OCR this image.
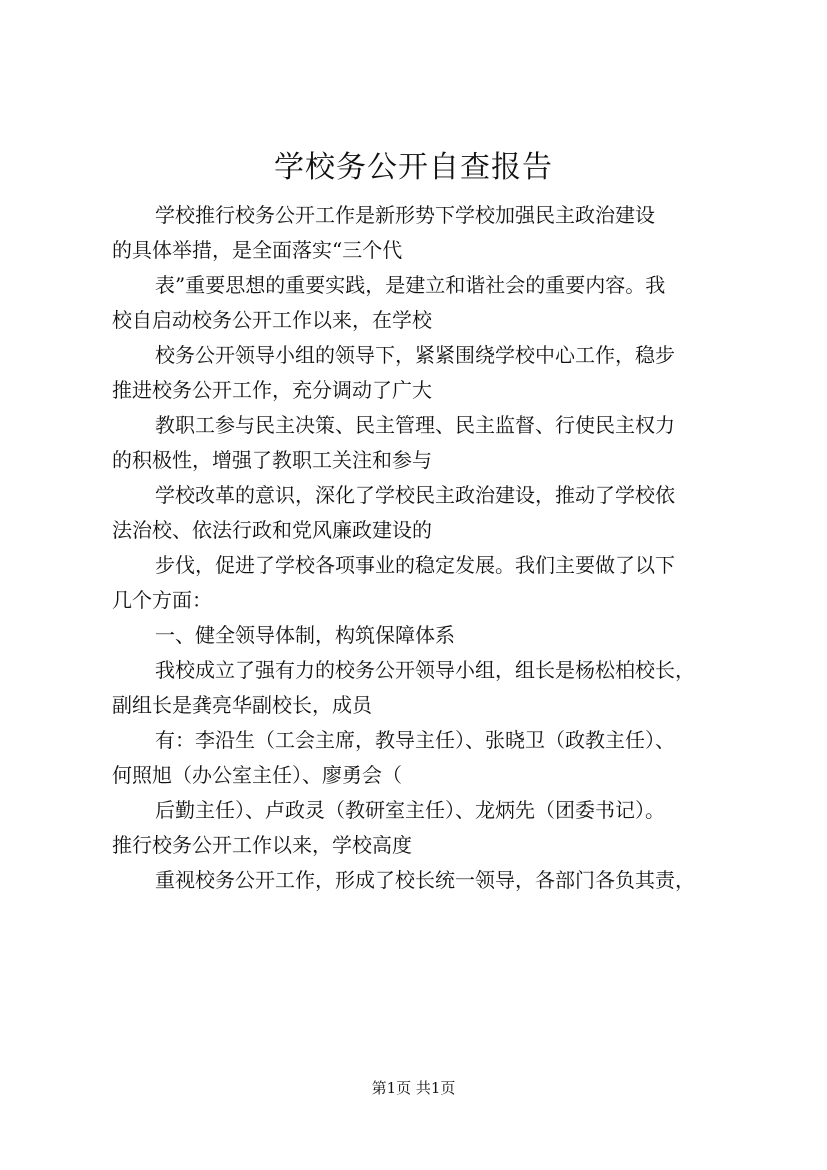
学校务公开自查报告
学校推行校务公开工作是新形势下学校加强民主政治建设
的具体举措，是全面落实“三个代
表”重要思想的重要实践，是建立和谐社会的重要内容。我
校自启动校务公开工作以来，在学校
校务公开领导小组的领导下，紧紧围绕学校中心工作，稳步
推进校务公开工作，充分调动了广大
教职工参与民主决策、民主管理、民主监督、行使民主权力
的积极性，增强了教职工关注和参与
学校改革的意识，深化了学校民主政治建设，推动了学校依
法治校、依法行政和党风廉政建设的
步伐，促进了学校各项事业的稳定发展。我们主要做了以下
几个方面：
一、健全领导体制，构筑保障体系
我校成立了强有力的校务公开领导小组，组长是杨松柏校长，
副组长是龚亮华副校长，成员
有：李沿生（工会主席，教导主任）、张晓卫（政教主任）、
何照旭（办公室主任）、廖勇会（
后勤主任）、卢政灵（教研室主任）、龙炳先（团委书记）。
推行校务公开工作以来，学校高度
重视校务公开工作，形成了校长统一领导，各部门各负其责，
第1页 共1页
